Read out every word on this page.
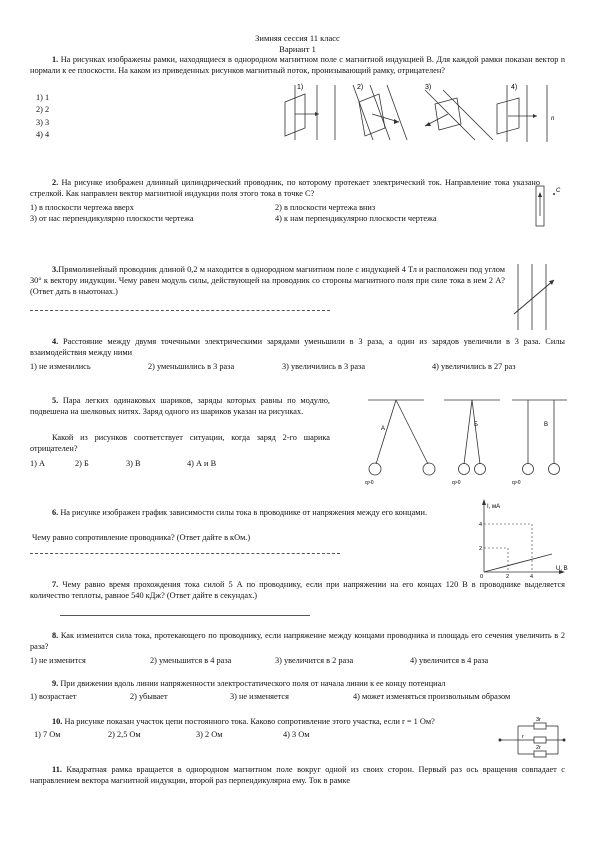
Зимняя сессия 11 класс
Вариант 1

1. На рисунках изображены рамки, находящиеся в однородном магнитном поле с магнитной индукцией B. Для каждой рамки показан вектор n нормали к ее плоскости. На каком из приведенных рисунков магнитный поток, пронизывающий рамку, отрицателен?

1) 1
2) 2
3) 3
4) 4
1)	2)	3)	4)
n

2. На рисунке изображен длинный цилиндрический проводник, по которому протекает электрический ток. Направление тока указано стрелкой. Как направлен вектор магнитной индукции поля этого тока в точке С?

1) в плоскости чертежа вверх	2) в плоскости чертежа вниз
3) от нас перпендикулярно плоскости чертежа	4) к нам перпендикулярно плоскости чертежа
C

3.Прямолинейный проводник длиной 0,2 м находится в однородном магнитном поле с индукцией 4 Тл и расположен под углом 30° к вектору индукции. Чему равен модуль силы, действующей на проводник со стороны магнитного поля при силе тока в нем 2 А? (Ответ дать в ньютонах.)

4. Расстояние между двумя точечными электрическими зарядами уменьшили в 3 раза, а один из зарядов увеличили в 3 раза. Силы взаимодействия между ними

1) не изменились	2) уменьшились в 3 раза	3) увеличились в 3 раза	4) увеличились в 27 раз

5. Пара легких одинаковых шариков, заряды которых равны по модулю, подвешена на шелковых нитях. Заряд одного из шариков указан на рисунках.

Какой из рисунков соответствует ситуации, когда заряд 2-го шарика отрицателен?

1) А	2) Б	3) В	4) А и В
А
q>0
Б
q>0
В
q>0

6. На рисунке изображен график зависимости силы тока в проводнике от напряжения между его концами.

Чему равно сопротивление проводника? (Ответ дайте в кОм.)
I, мА
U, В
4
2
0	2	4

7. Чему равно время прохождения тока силой 5 А по проводнику, если при напряжении на его концах 120 В в проводнике выделяется количество теплоты, равное 540 кДж? (Ответ дайте в секундах.)

8. Как изменится сила тока, протекающего по проводнику, если напряжение между концами проводника и площадь его сечения увеличить в 2 раза?

1) не изменится	2) уменьшится в 4 раза	3) увеличится в 2 раза	4) увеличится в 4 раза

9. При движении вдоль линии напряженности электростатического поля от начала линии к ее концу потенциал

1) возрастает	2) убывает	3) не изменяется	4) может изменяться произвольным образом

10. На рисунке показан участок цепи постоянного тока. Каково сопротивление этого участка, если r = 1 Ом?

1) 7 Ом	2) 2,5 Ом	3) 2 Ом	4) 3 Ом
3r
r
2r

11. Квадратная рамка вращается в однородном магнитном поле вокруг одной из своих сторон. Первый раз ось вращения совпадает с направлением вектора магнитной индукции, второй раз перпендикулярна ему. Ток в рамке
